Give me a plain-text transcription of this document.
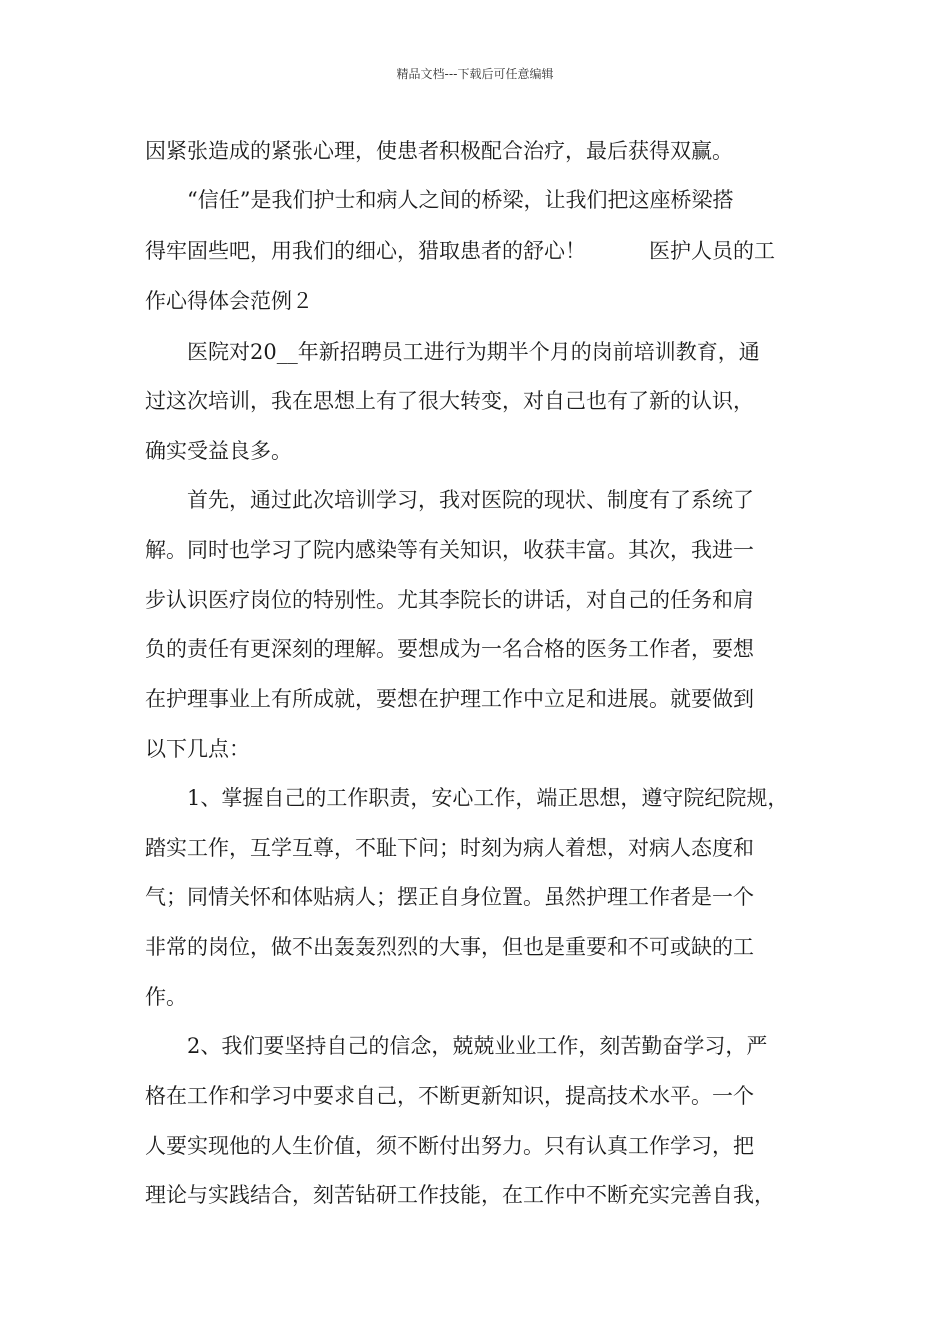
精品文档---下载后可任意编辑
因紧张造成的紧张心理，使患者积极配合治疗，最后获得双赢。
　　“信任”是我们护士和病人之间的桥梁，让我们把这座桥梁搭
得牢固些吧，用我们的细心，猎取患者的舒心！　　　医护人员的工
作心得体会范例２
　　医院对20__年新招聘员工进行为期半个月的岗前培训教育，通
过这次培训，我在思想上有了很大转变，对自己也有了新的认识，
确实受益良多。
　　首先，通过此次培训学习，我对医院的现状、制度有了系统了
解。同时也学习了院内感染等有关知识，收获丰富。其次，我进一
步认识医疗岗位的特别性。尤其李院长的讲话，对自己的任务和肩
负的责任有更深刻的理解。要想成为一名合格的医务工作者，要想
在护理事业上有所成就，要想在护理工作中立足和进展。就要做到
以下几点：
　　1、掌握自己的工作职责，安心工作，端正思想，遵守院纪院规，
踏实工作，互学互尊，不耻下问；时刻为病人着想，对病人态度和
气；同情关怀和体贴病人；摆正自身位置。虽然护理工作者是一个
非常的岗位，做不出轰轰烈烈的大事，但也是重要和不可或缺的工
作。
　　2、我们要坚持自己的信念，兢兢业业工作，刻苦勤奋学习，严
格在工作和学习中要求自己，不断更新知识，提高技术水平。一个
人要实现他的人生价值，须不断付出努力。只有认真工作学习，把
理论与实践结合，刻苦钻研工作技能，在工作中不断充实完善自我，
